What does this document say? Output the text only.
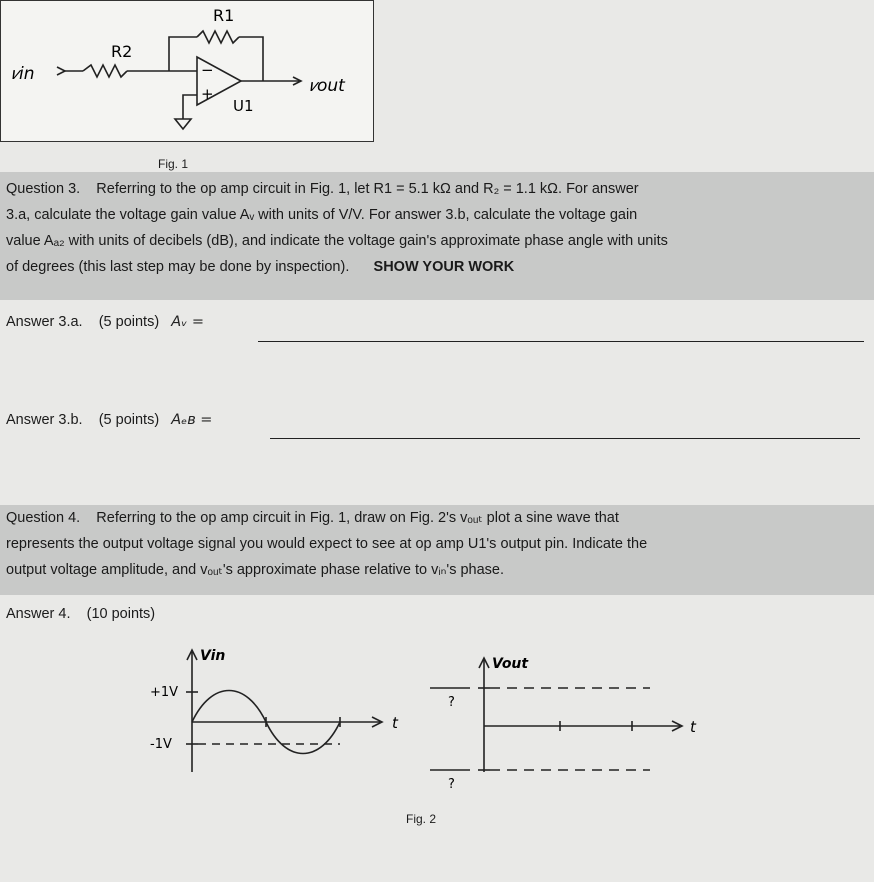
R1
R2
𝑣in
𝑣out
U1
−
+
Fig. 1
Question 3. Referring to the op amp circuit in Fig. 1, let R1 = 5.1 kΩ and R₂ = 1.1 kΩ. For answer
3.a, calculate the voltage gain value Aᵥ with units of V/V. For answer 3.b, calculate the voltage gain
value Aₐ₂ with units of decibels (dB), and indicate the voltage gain's approximate phase angle with units
of degrees (this last step may be done by inspection). SHOW YOUR WORK
Answer 3.a. (5 points) Aᵥ =
Answer 3.b. (5 points) Aₑʙ =
Question 4. Referring to the op amp circuit in Fig. 1, draw on Fig. 2's vₒᵤₜ plot a sine wave that
represents the output voltage signal you would expect to see at op amp U1's output pin. Indicate the
output voltage amplitude, and vₒᵤₜ's approximate phase relative to vᵢₙ's phase.
Answer 4. (10 points)
Vin
+1V
-1V
t
Vout
?
?
t
Fig. 2
